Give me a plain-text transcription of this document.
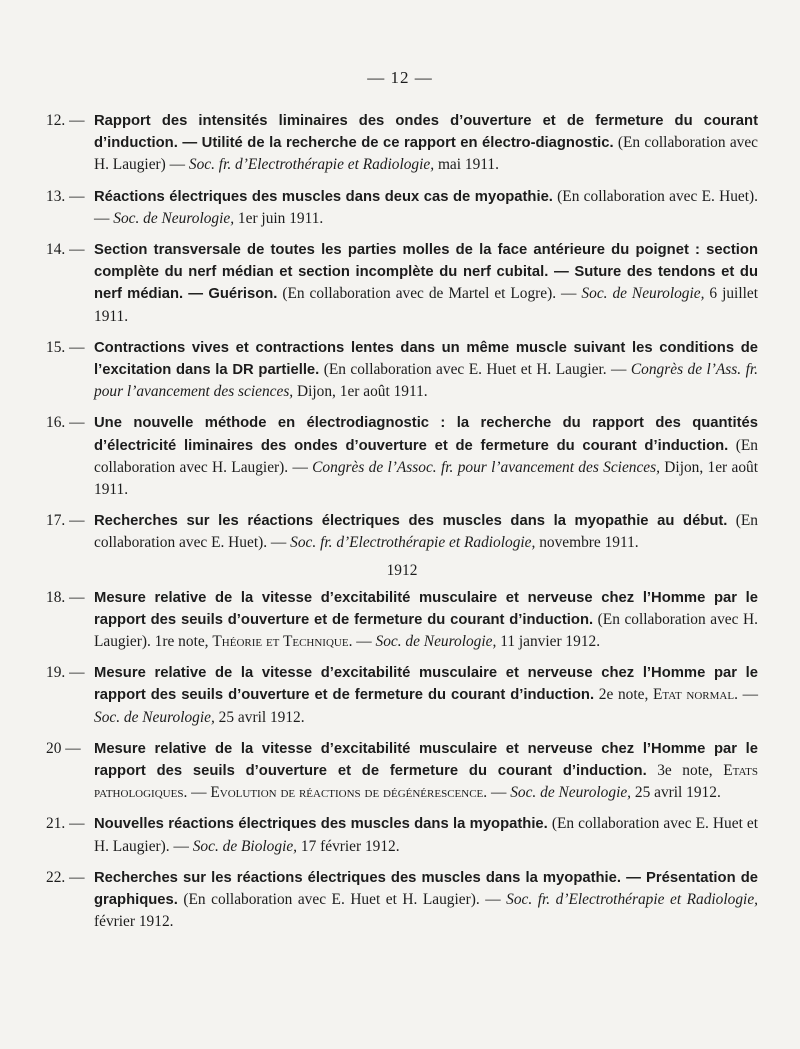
— 12 —
12. — Rapport des intensités liminaires des ondes d’ouverture et de fermeture du courant d’induction. — Utilité de la recherche de ce rapport en électro-diagnostic. (En collaboration avec H. Laugier) — Soc. fr. d’Electrothérapie et Radiologie, mai 1911.
13. — Réactions électriques des muscles dans deux cas de myopathie. (En collaboration avec E. Huet). — Soc. de Neurologie, 1er juin 1911.
14. — Section transversale de toutes les parties molles de la face antérieure du poignet : section complète du nerf médian et section incomplète du nerf cubital. — Suture des tendons et du nerf médian. — Guérison. (En collaboration avec de Martel et Logre). — Soc. de Neurologie, 6 juillet 1911.
15. — Contractions vives et contractions lentes dans un même muscle suivant les conditions de l’excitation dans la DR partielle. (En collaboration avec E. Huet et H. Laugier. — Congrès de l’Ass. fr. pour l’avancement des sciences, Dijon, 1er août 1911.
16. — Une nouvelle méthode en électrodiagnostic : la recherche du rapport des quantités d’électricité liminaires des ondes d’ouverture et de fermeture du courant d’induction. (En collaboration avec H. Laugier). — Congrès de l’Assoc. fr. pour l’avancement des Sciences, Dijon, 1er août 1911.
17. — Recherches sur les réactions électriques des muscles dans la myopathie au début. (En collaboration avec E. Huet). — Soc. fr. d’Electrothérapie et Radiologie, novembre 1911.
1912
18. — Mesure relative de la vitesse d’excitabilité musculaire et nerveuse chez l’Homme par le rapport des seuils d’ouverture et de fermeture du courant d’induction. (En collaboration avec H. Laugier). 1re note, Théorie et Technique. — Soc. de Neurologie, 11 janvier 1912.
19. — Mesure relative de la vitesse d’excitabilité musculaire et nerveuse chez l’Homme par le rapport des seuils d’ouverture et de fermeture du courant d’induction. 2e note, Etat normal. — Soc. de Neurologie, 25 avril 1912.
20 — Mesure relative de la vitesse d’excitabilité musculaire et nerveuse chez l’Homme par le rapport des seuils d’ouverture et de fermeture du courant d’induction. 3e note, Etats pathologiques. — Evolution de réactions de dégénérescence. — Soc. de Neurologie, 25 avril 1912.
21. — Nouvelles réactions électriques des muscles dans la myopathie. (En collaboration avec E. Huet et H. Laugier). — Soc. de Biologie, 17 février 1912.
22. — Recherches sur les réactions électriques des muscles dans la myopathie. — Présentation de graphiques. (En collaboration avec E. Huet et H. Laugier). — Soc. fr. d’Electrothérapie et Radiologie, février 1912.
